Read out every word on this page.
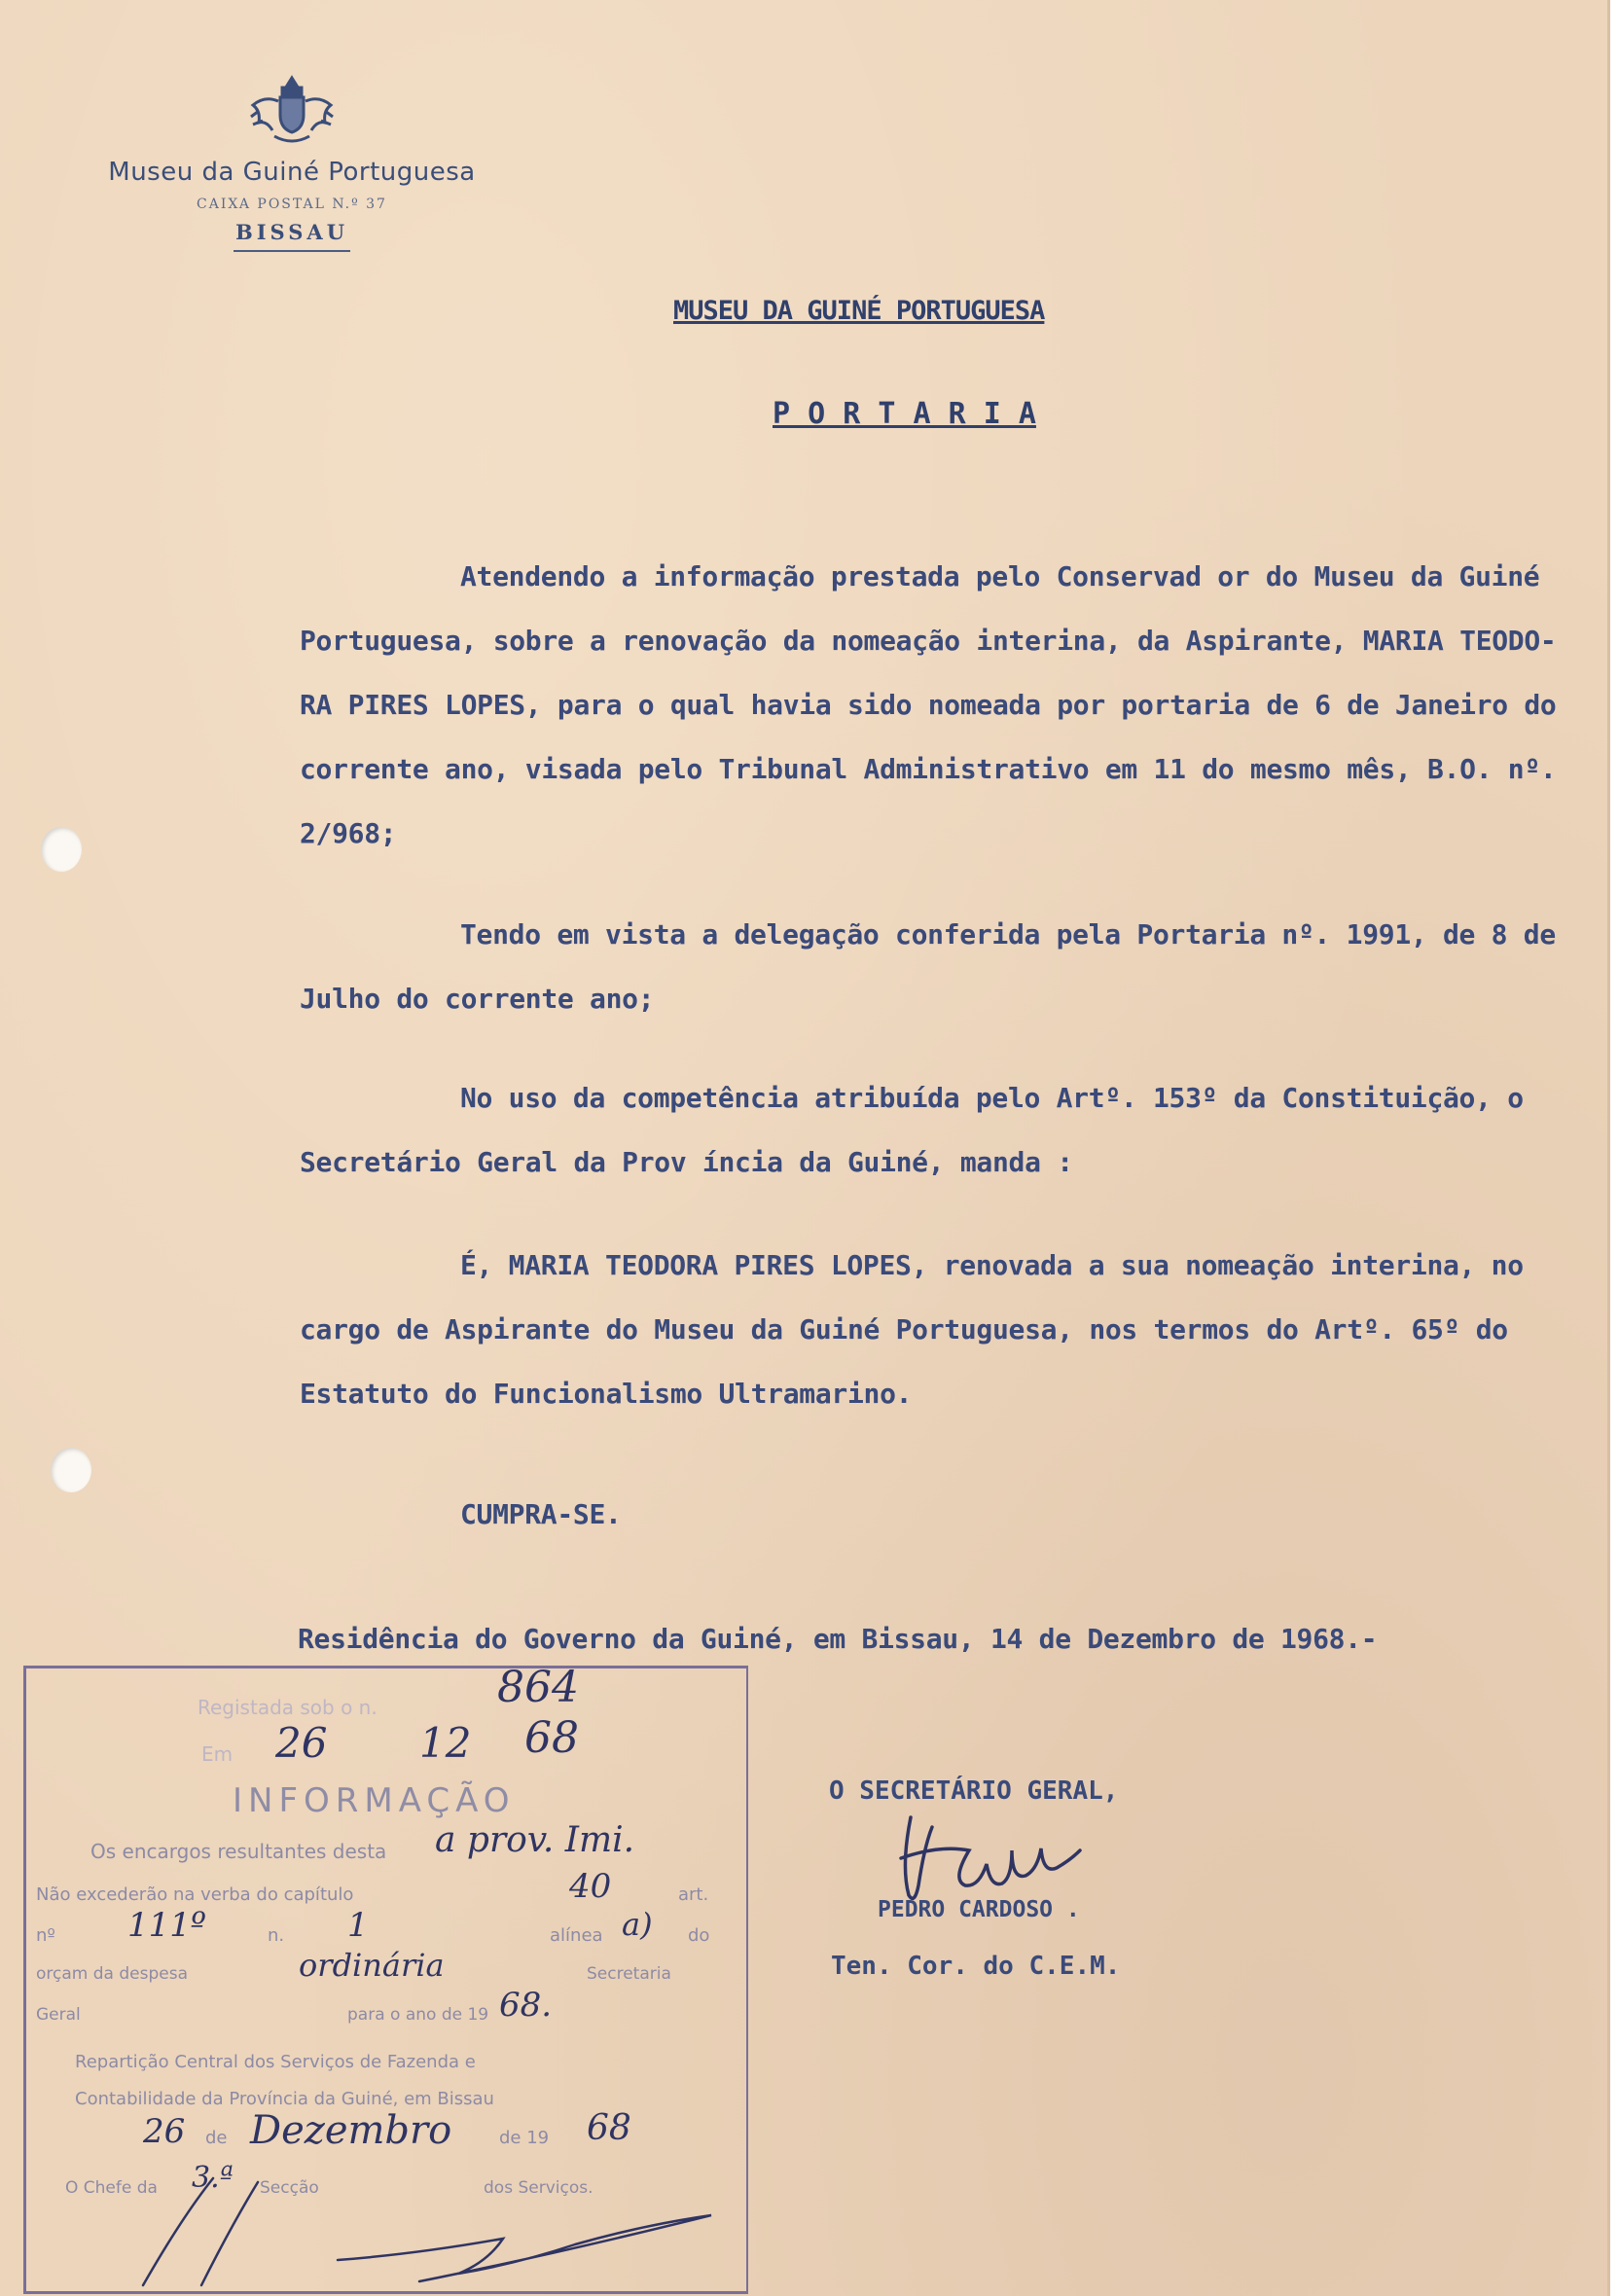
Museu da Guiné Portuguesa
CAIXA POSTAL N.º 37
BISSAU
MUSEU DA GUINÉ PORTUGUESA
P O R T A R I A

Atendendo a informação prestada pelo Conservad or do Museu da Guiné Portuguesa, sobre a renovação da nomeação interina, da Aspirante, MARIA TEODO- RA PIRES LOPES, para o qual havia sido nomeada por portaria de 6 de Janeiro do corrente ano, visada pelo Tribunal Administrativo em 11 do mesmo mês, B.O. nº. 2/968;

Tendo em vista a delegação conferida pela Portaria nº. 1991, de 8 de Julho do corrente ano;

No uso da competência atribuída pelo Artº. 153º da Constituição, o Secretário Geral da Prov íncia da Guiné, manda :

É, MARIA TEODORA PIRES LOPES, renovada a sua nomeação interina, no cargo de Aspirante do Museu da Guiné Portuguesa, nos termos do Artº. 65º do Estatuto do Funcionalismo Ultramarino.

CUMPRA-SE.
Residência do Governo da Guiné, em Bissau, 14 de Dezembro de 1968.-
O SECRETÁRIO GERAL,
PEDRO CARDOSO .
Ten. Cor. do C.E.M.
Registada sob o n.	864
Em 26 12 68
INFORMAÇÃO
Os encargos resultantes desta a prov. Imi.
Não excederão na verba do capítulo	40	art.
nº 111º	n. 1	alínea a) do
orçam da despesa	ordinária	Secretaria
Geral	para o ano de 19 68.
Repartição Central dos Serviços de Fazenda e
Contabilidade da Província da Guiné, em Bissau
26 de Dezembro	de 19 68
O Chefe da 3.ª Secção	dos Serviços.
